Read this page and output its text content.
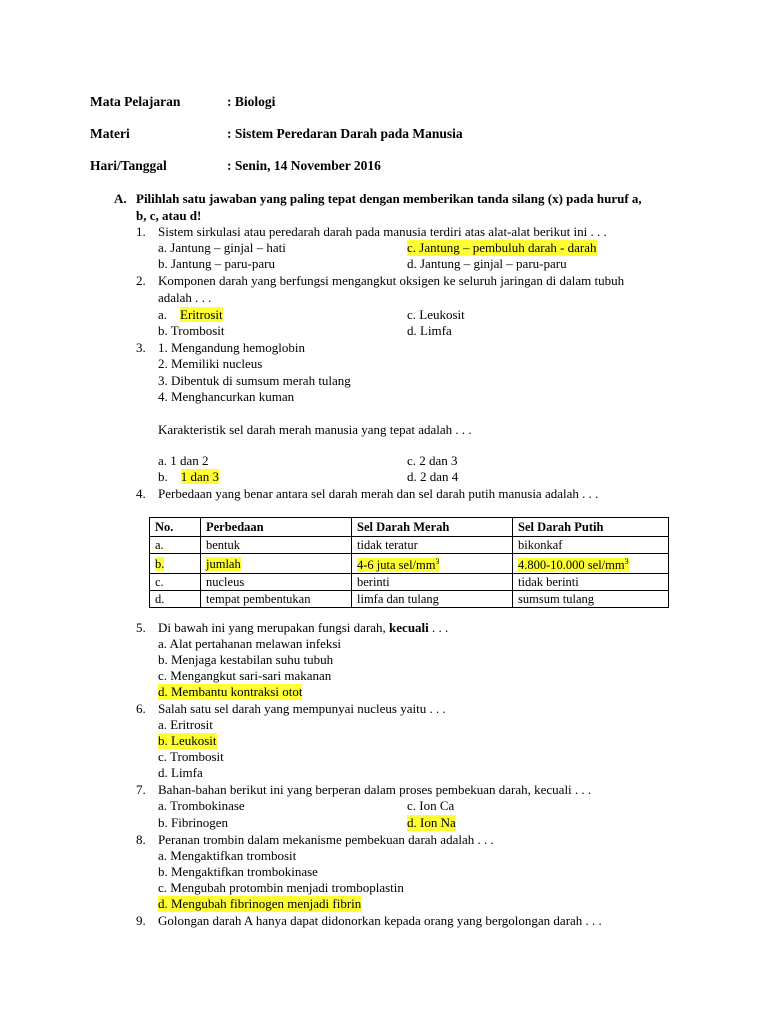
Mata Pelajaran	: Biologi
Materi	: Sistem Peredaran Darah pada Manusia
Hari/Tanggal	: Senin, 14 November 2016
A. Pilihlah satu jawaban yang paling tepat dengan memberikan tanda silang (x) pada huruf a,
b, c, atau d!
1. Sistem sirkulasi atau peredarah darah pada manusia terdiri atas alat-alat berikut ini . . .
a. Jantung – ginjal – hati
b. Jantung – paru-paru
c. Jantung – pembuluh darah - darah
d. Jantung – ginjal – paru-paru
2. Komponen darah yang berfungsi mengangkut oksigen ke seluruh jaringan di dalam tubuh
adalah . . .
a. Eritrosit
b. Trombosit
c. Leukosit
d. Limfa
3. 1. Mengandung hemoglobin
2. Memiliki nucleus
3. Dibentuk di sumsum merah tulang
4. Menghancurkan kuman
Karakteristik sel darah merah manusia yang tepat adalah . . .
a. 1 dan 2
b. 1 dan 3
c. 2 dan 3
d. 2 dan 4
4. Perbedaan yang benar antara sel darah merah dan sel darah putih manusia adalah . . .
No.	Perbedaan	Sel Darah Merah	Sel Darah Putih
a.	bentuk	tidak teratur	bikonkaf
b.	jumlah	4-6 juta sel/$mm^3$	4.800-10.000 sel/$mm^3$
c.	nucleus	berinti	tidak berinti
d.	tempat pembentukan	limfa dan tulang	sumsum tulang
5. Di bawah ini yang merupakan fungsi darah, kecuali . . .
a. Alat pertahanan melawan infeksi
b. Menjaga kestabilan suhu tubuh
c. Mengangkut sari-sari makanan
d. Membantu kontraksi otot
6. Salah satu sel darah yang mempunyai nucleus yaitu . . .
a. Eritrosit
b. Leukosit
c. Trombosit
d. Limfa
7. Bahan-bahan berikut ini yang berperan dalam proses pembekuan darah, kecuali . . .
a. Trombokinase
b. Fibrinogen
c. Ion Ca
d. Ion Na
8. Peranan trombin dalam mekanisme pembekuan darah adalah . . .
a. Mengaktifkan trombosit
b. Mengaktifkan trombokinase
c. Mengubah protombin menjadi tromboplastin
d. Mengubah fibrinogen menjadi fibrin
9. Golongan darah A hanya dapat didonorkan kepada orang yang bergolongan darah . . .
